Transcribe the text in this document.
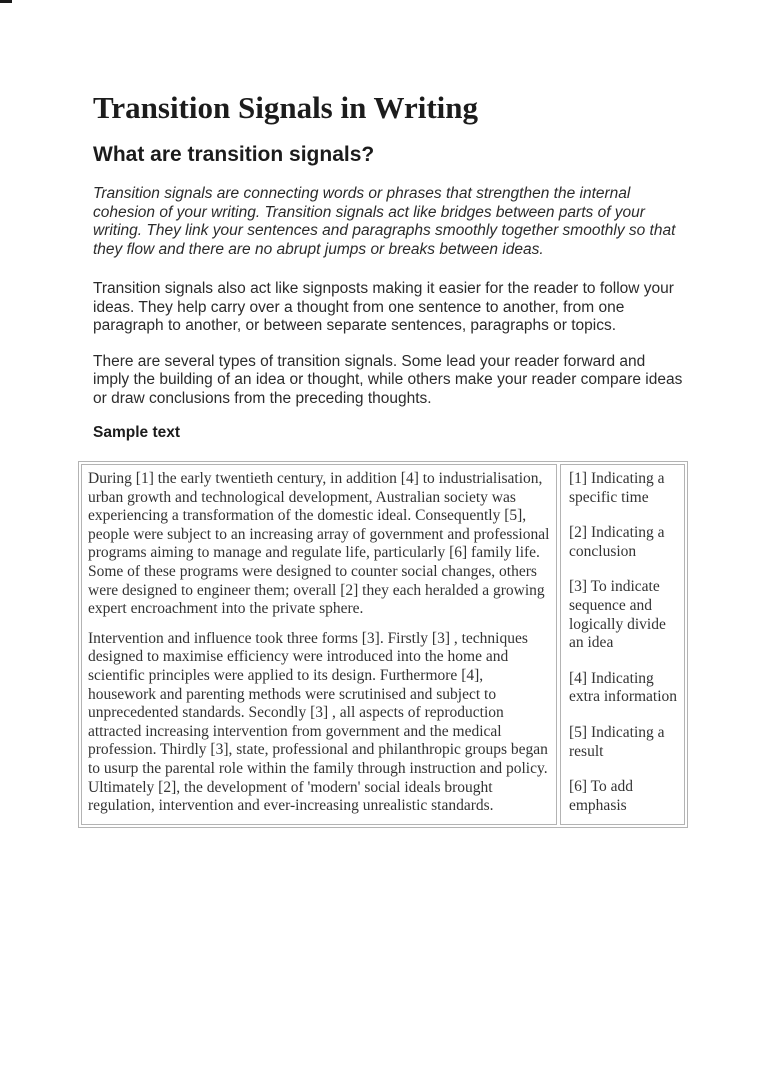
Transition Signals in Writing
What are transition signals?

Transition signals are connecting words or phrases that strengthen the internal cohesion of your writing. Transition signals act like bridges between parts of your writing. They link your sentences and paragraphs smoothly together smoothly so that they flow and there are no abrupt jumps or breaks between ideas.

Transition signals also act like signposts making it easier for the reader to follow your ideas. They help carry over a thought from one sentence to another, from one paragraph to another, or between separate sentences, paragraphs or topics.

There are several types of transition signals. Some lead your reader forward and imply the building of an idea or thought, while others make your reader compare ideas or draw conclusions from the preceding thoughts.

Sample text

During [1] the early twentieth century, in addition [4] to industrialisation, urban growth and technological development, Australian society was experiencing a transformation of the domestic ideal. Consequently [5], people were subject to an increasing array of government and professional programs aiming to manage and regulate life, particularly [6] family life. Some of these programs were designed to counter social changes, others were designed to engineer them; overall [2] they each heralded a growing expert encroachment into the private sphere.

Intervention and influence took three forms [3]. Firstly [3] , techniques designed to maximise efficiency were introduced into the home and scientific principles were applied to its design. Furthermore [4], housework and parenting methods were scrutinised and subject to unprecedented standards. Secondly [3] , all aspects of reproduction attracted increasing intervention from government and the medical profession. Thirdly [3], state, professional and philanthropic groups began to usurp the parental role within the family through instruction and policy. Ultimately [2], the development of 'modern' social ideals brought regulation, intervention and ever-increasing unrealistic standards.

[1] Indicating a specific time

[2] Indicating a conclusion

[3] To indicate sequence and logically divide an idea

[4] Indicating extra information

[5] Indicating a result

[6] To add emphasis
